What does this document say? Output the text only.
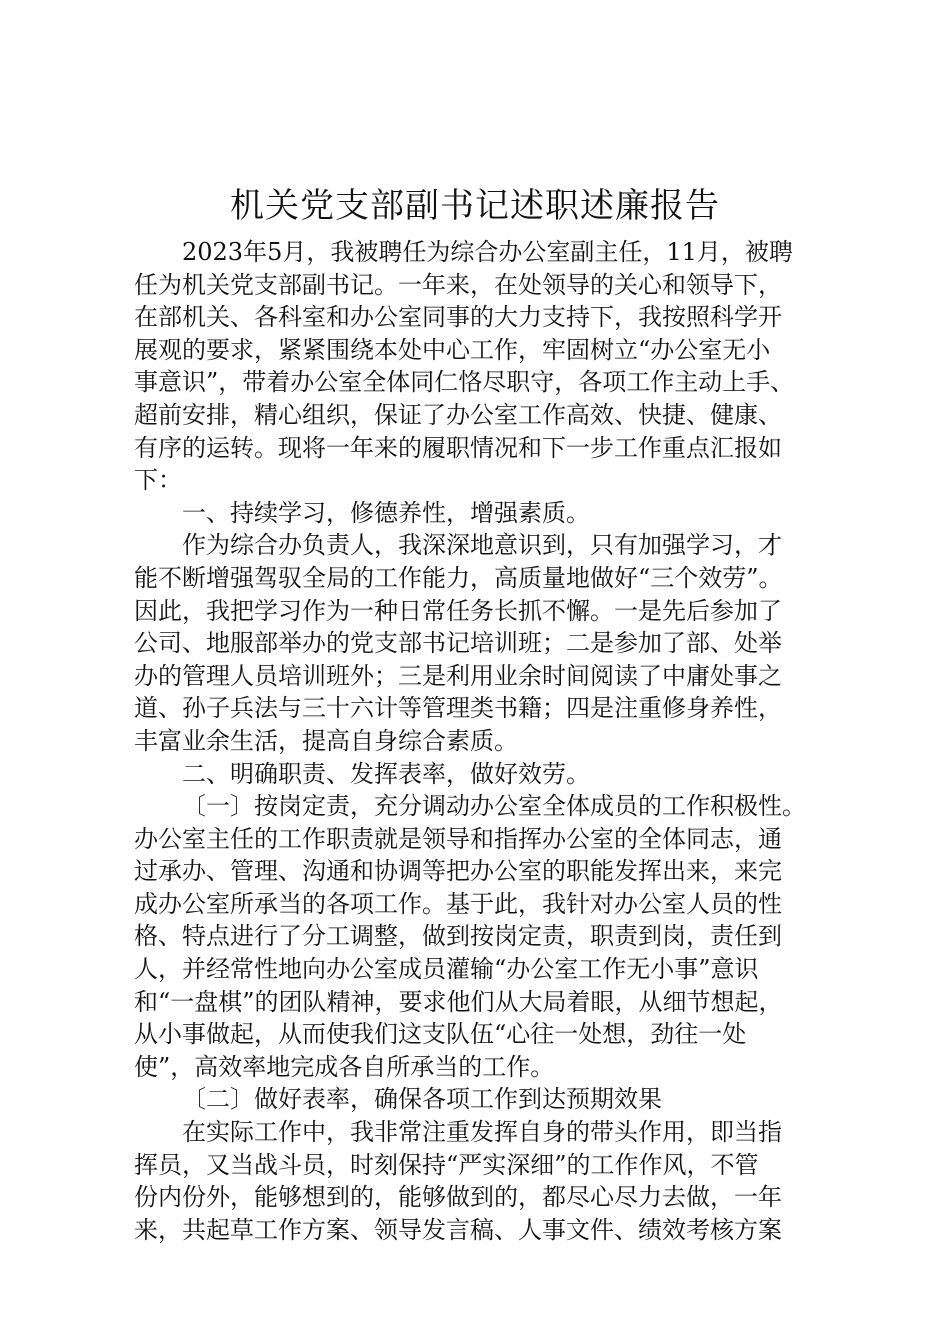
机关党支部副书记述职述廉报告
2023年5月，我被聘任为综合办公室副主任，11月，被聘
任为机关党支部副书记。一年来，在处领导的关心和领导下，
在部机关、各科室和办公室同事的大力支持下，我按照科学开
展观的要求，紧紧围绕本处中心工作，牢固树立“办公室无小
事意识”，带着办公室全体同仁恪尽职守，各项工作主动上手、
超前安排，精心组织，保证了办公室工作高效、快捷、健康、
有序的运转。现将一年来的履职情况和下一步工作重点汇报如
下：
一、持续学习，修德养性，增强素质。
作为综合办负责人，我深深地意识到，只有加强学习，才
能不断增强驾驭全局的工作能力，高质量地做好“三个效劳”。
因此，我把学习作为一种日常任务长抓不懈。一是先后参加了
公司、地服部举办的党支部书记培训班；二是参加了部、处举
办的管理人员培训班外；三是利用业余时间阅读了中庸处事之
道、孙子兵法与三十六计等管理类书籍；四是注重修身养性，
丰富业余生活，提高自身综合素质。
二、明确职责、发挥表率，做好效劳。
〔一〕按岗定责，充分调动办公室全体成员的工作积极性。
办公室主任的工作职责就是领导和指挥办公室的全体同志，通
过承办、管理、沟通和协调等把办公室的职能发挥出来，来完
成办公室所承当的各项工作。基于此，我针对办公室人员的性
格、特点进行了分工调整，做到按岗定责，职责到岗，责任到
人，并经常性地向办公室成员灌输“办公室工作无小事”意识
和“一盘棋”的团队精神，要求他们从大局着眼，从细节想起，
从小事做起，从而使我们这支队伍“心往一处想，劲往一处
使”，高效率地完成各自所承当的工作。
〔二〕做好表率，确保各项工作到达预期效果
在实际工作中，我非常注重发挥自身的带头作用，即当指
挥员，又当战斗员，时刻保持“严实深细”的工作作风，不管
份内份外，能够想到的，能够做到的，都尽心尽力去做，一年
来，共起草工作方案、领导发言稿、人事文件、绩效考核方案
